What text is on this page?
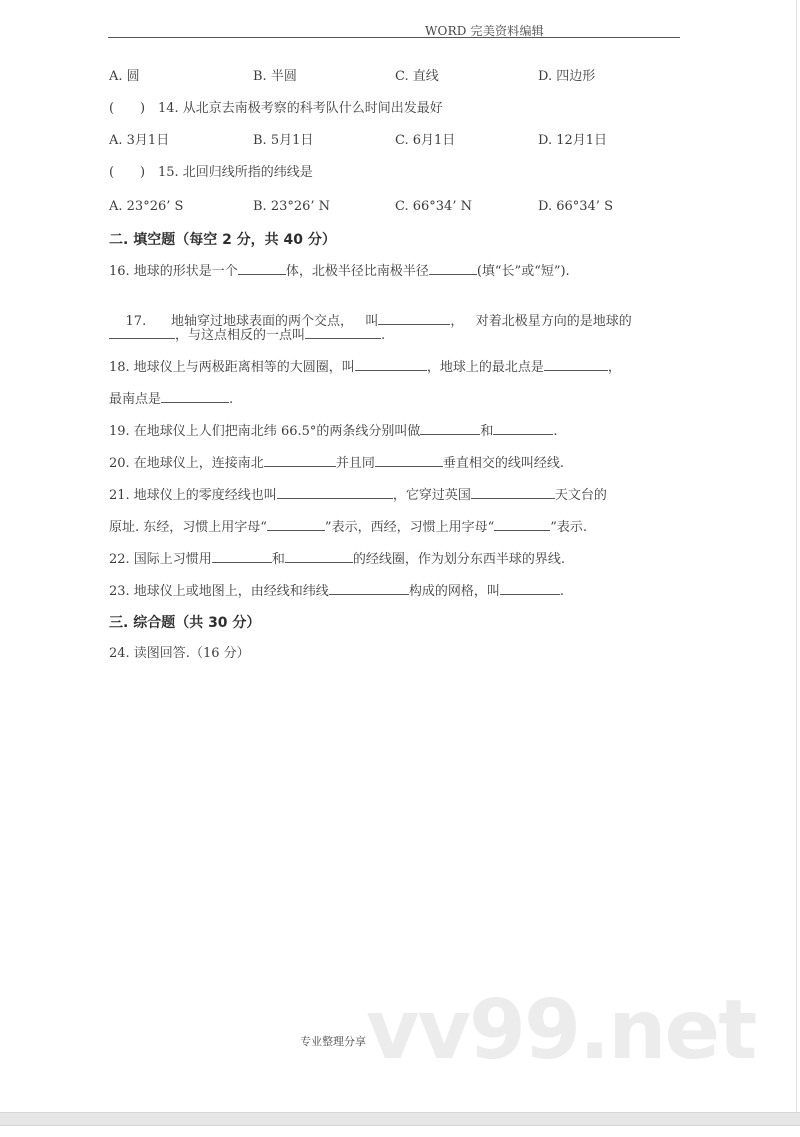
WORD 完美资料编辑
A. 圆	B. 半圆	C. 直线	D. 四边形
( ) 14. 从北京去南极考察的科考队什么时间出发最好
A. 3月1日	B. 5月1日	C. 6月1日	D. 12月1日
( ) 15. 北回归线所指的纬线是
A. 23°26’ S	B. 23°26’ N	C. 66°34’ N	D. 66°34’ S
二. 填空题（每空 2 分，共 40 分）
16. 地球的形状是一个	体，北极半径比南极半径	(填“长”或“短”).

17.      地轴穿过地球表面的两个交点，   叫	，   对着北极星方向的是地球的

，与这点相反的一点叫	.
18. 地球仪上与两极距离相等的大圆圈，叫	，地球上的最北点是	，
最南点是	.
19. 在地球仪上人们把南北纬 66.5°的两条线分别叫做	和	.
20. 在地球仪上，连接南北	并且同	垂直相交的线叫经线.
21. 地球仪上的零度经线也叫	，它穿过英国	天文台的
原址. 东经，习惯上用字母“	”表示，西经，习惯上用字母“	”表示.
22. 国际上习惯用	和	的经线圈，作为划分东西半球的界线.
23. 地球仪上或地图上，由经线和纬线	构成的网格，叫	.
三. 综合题（共 30 分）
24. 读图回答.（16 分）
vv99.net
专业整理分享
